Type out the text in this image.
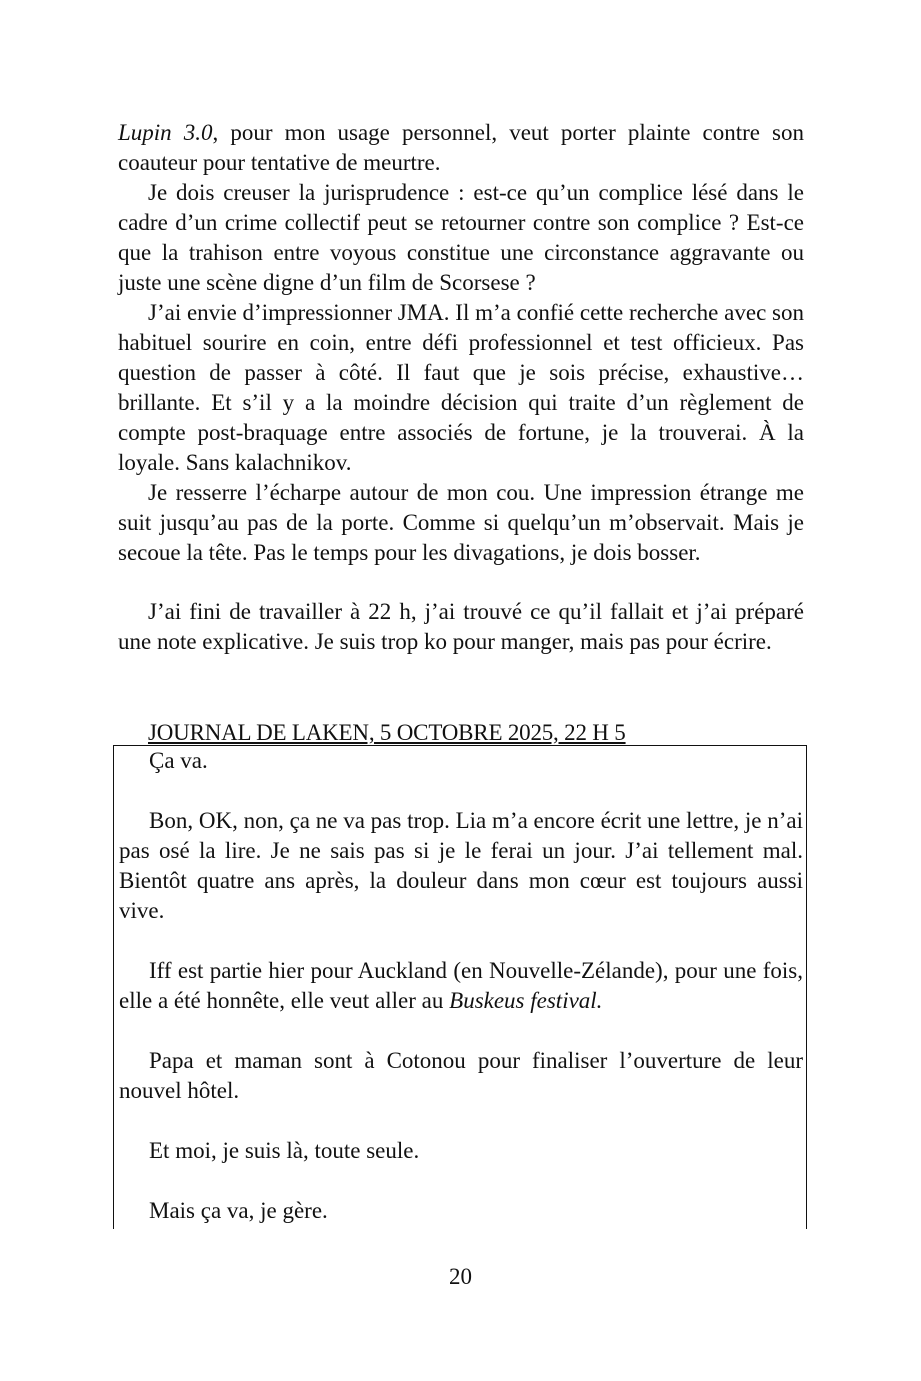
Lupin 3.0, pour mon usage personnel, veut porter plainte contre son coauteur pour tentative de meurtre.

Je dois creuser la jurisprudence : est-ce qu’un complice lésé dans le cadre d’un crime collectif peut se retourner contre son complice ? Est-ce que la trahison entre voyous constitue une circonstance aggravante ou juste une scène digne d’un film de Scorsese ?

J’ai envie d’impressionner JMA. Il m’a confié cette recherche avec son habituel sourire en coin, entre défi professionnel et test officieux. Pas question de passer à côté. Il faut que je sois précise, exhaustive… brillante. Et s’il y a la moindre décision qui traite d’un règlement de compte post-braquage entre associés de fortune, je la trouverai. À la loyale. Sans kalachnikov.

Je resserre l’écharpe autour de mon cou. Une impression étrange me suit jusqu’au pas de la porte. Comme si quelqu’un m’observait. Mais je secoue la tête. Pas le temps pour les divagations, je dois bosser.

J’ai fini de travailler à 22 h, j’ai trouvé ce qu’il fallait et j’ai préparé une note explicative. Je suis trop ko pour manger, mais pas pour écrire.

JOURNAL DE LAKEN, 5 OCTOBRE 2025, 22 H 5

Ça va.

Bon, OK, non, ça ne va pas trop. Lia m’a encore écrit une lettre, je n’ai pas osé la lire. Je ne sais pas si je le ferai un jour. J’ai tellement mal. Bientôt quatre ans après, la douleur dans mon cœur est toujours aussi vive.

Iff est partie hier pour Auckland (en Nouvelle-Zélande), pour une fois, elle a été honnête, elle veut aller au Buskeus festival.

Papa et maman sont à Cotonou pour finaliser l’ouverture de leur nouvel hôtel.

Et moi, je suis là, toute seule.

Mais ça va, je gère.

20
